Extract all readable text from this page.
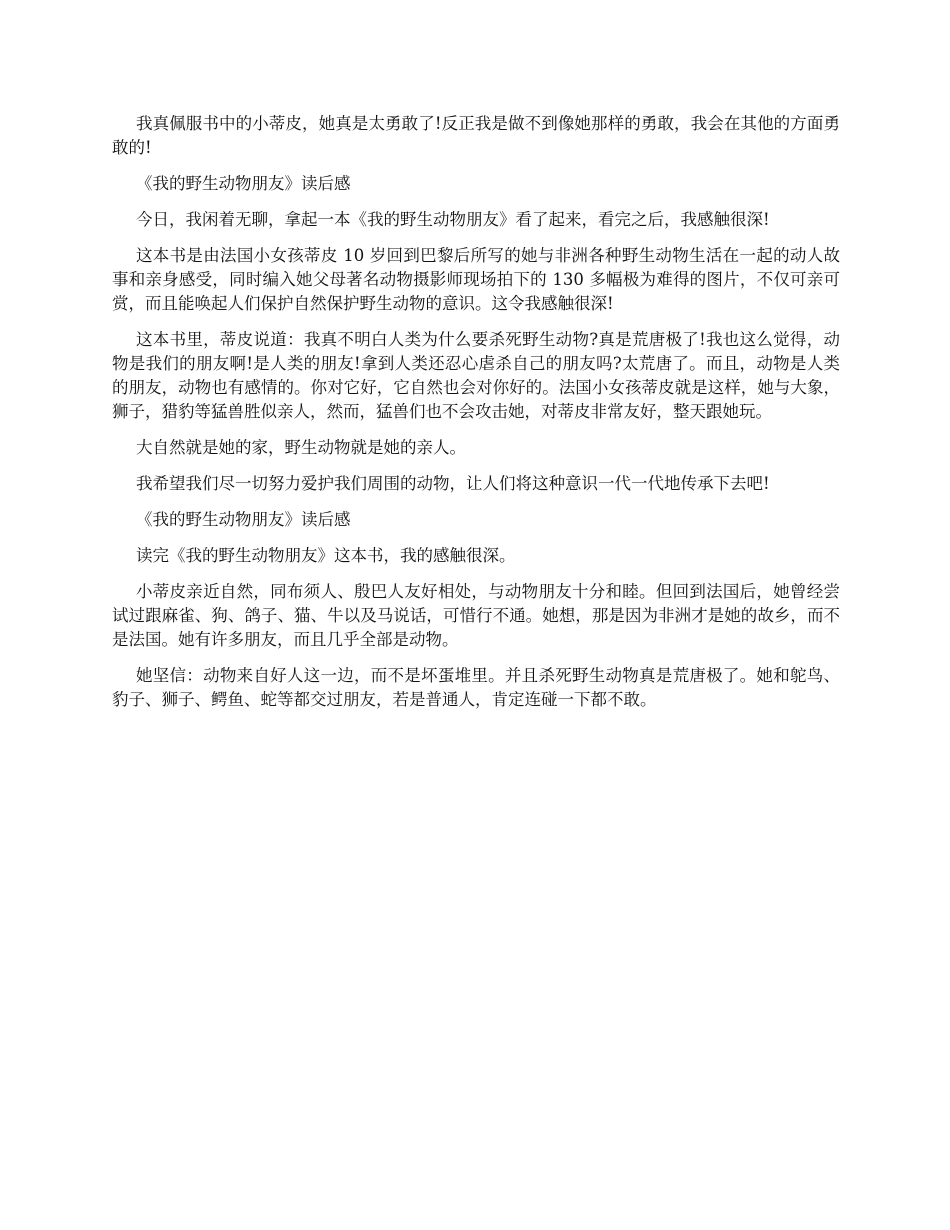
我真佩服书中的小蒂皮，她真是太勇敢了!反正我是做不到像她那样的勇敢，我会在其他的方面勇敢的!

《我的野生动物朋友》读后感

今日，我闲着无聊，拿起一本《我的野生动物朋友》看了起来，看完之后，我感触很深!

这本书是由法国小女孩蒂皮 10 岁回到巴黎后所写的她与非洲各种野生动物生活在一起的动人故事和亲身感受，同时编入她父母著名动物摄影师现场拍下的 130 多幅极为难得的图片，不仅可亲可赏，而且能唤起人们保护自然保护野生动物的意识。这令我感触很深!

这本书里，蒂皮说道：我真不明白人类为什么要杀死野生动物?真是荒唐极了!我也这么觉得，动物是我们的朋友啊!是人类的朋友!拿到人类还忍心虐杀自己的朋友吗?太荒唐了。而且，动物是人类的朋友，动物也有感情的。你对它好，它自然也会对你好的。法国小女孩蒂皮就是这样，她与大象，狮子，猎豹等猛兽胜似亲人，然而，猛兽们也不会攻击她，对蒂皮非常友好，整天跟她玩。

大自然就是她的家，野生动物就是她的亲人。

我希望我们尽一切努力爱护我们周围的动物，让人们将这种意识一代一代地传承下去吧!

《我的野生动物朋友》读后感

读完《我的野生动物朋友》这本书，我的感触很深。

小蒂皮亲近自然，同布须人、殷巴人友好相处，与动物朋友十分和睦。但回到法国后，她曾经尝试过跟麻雀、狗、鸽子、猫、牛以及马说话，可惜行不通。她想，那是因为非洲才是她的故乡，而不是法国。她有许多朋友，而且几乎全部是动物。

她坚信：动物来自好人这一边，而不是坏蛋堆里。并且杀死野生动物真是荒唐极了。她和鸵鸟、豹子、狮子、鳄鱼、蛇等都交过朋友，若是普通人，肯定连碰一下都不敢。
